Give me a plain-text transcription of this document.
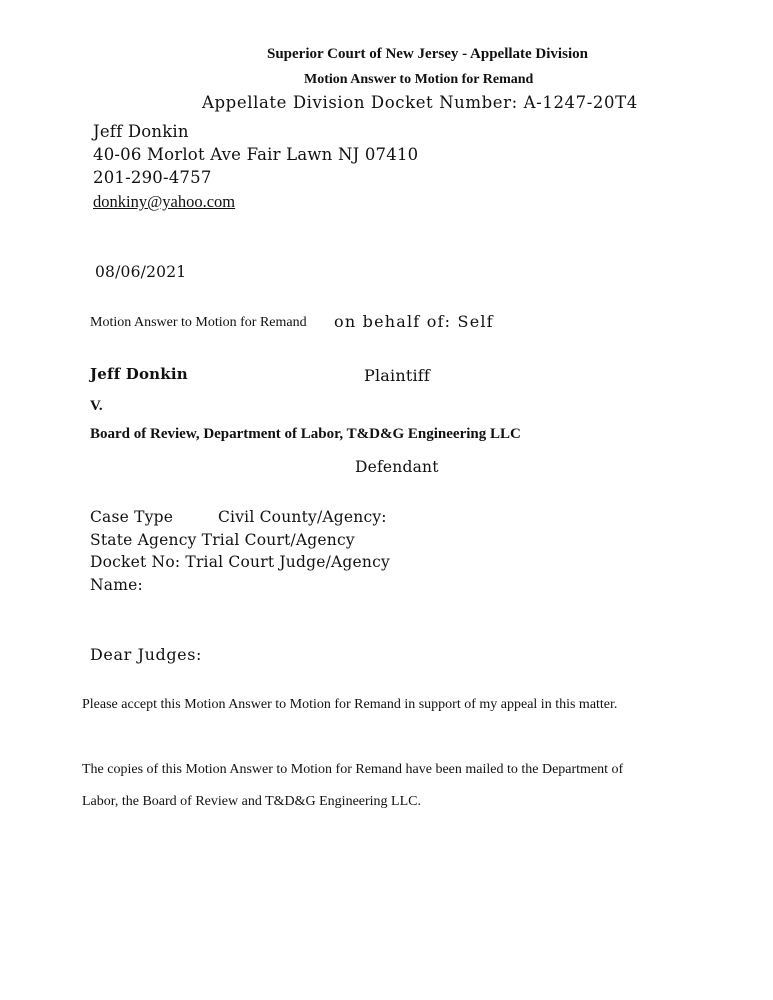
Superior Court of New Jersey - Appellate Division
Motion Answer to Motion for Remand
Appellate Division Docket Number: A-1247-20T4
Jeff Donkin
40-06 Morlot Ave Fair Lawn NJ 07410
201-290-4757
donkiny@yahoo.com
08/06/2021
Motion Answer to Motion for Remand on behalf of: Self
Jeff Donkin	Plaintiff
V.
Board of Review, Department of Labor, T&D&G Engineering LLC
Defendant
Case Type	Civil County/Agency:
State Agency Trial Court/Agency
Docket No: Trial Court Judge/Agency
Name:
Dear Judges:
Please accept this Motion Answer to Motion for Remand in support of my appeal in this matter.
The copies of this Motion Answer to Motion for Remand have been mailed to the Department of
Labor, the Board of Review and T&D&G Engineering LLC.
